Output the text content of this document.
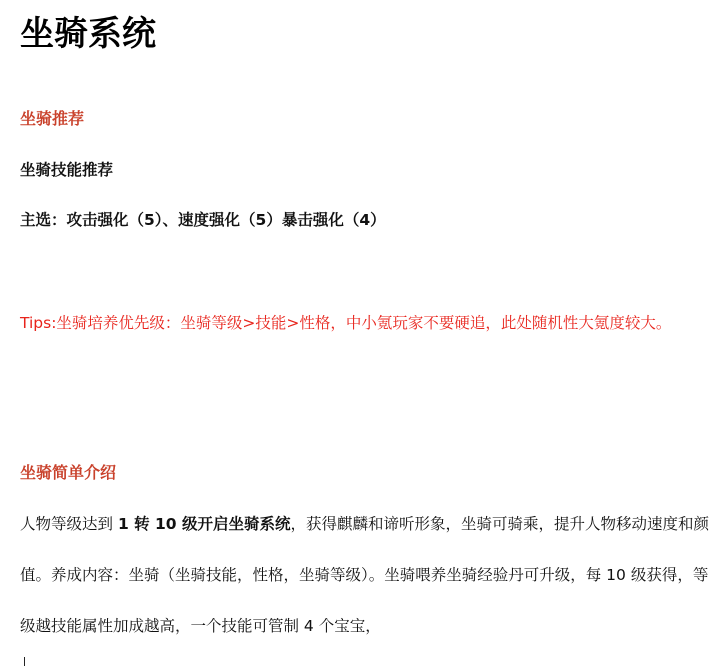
坐骑系统
坐骑推荐
坐骑技能推荐
主选：攻击强化（5）、速度强化（5）暴击强化（4）
Tips:坐骑培养优先级：坐骑等级>技能>性格，中小氪玩家不要硬追，此处随机性大氪度较大。
坐骑简单介绍
人物等级达到 1 转 10 级开启坐骑系统，获得麒麟和谛听形象，坐骑可骑乘，提升人物移动速度和颜值。养成内容：坐骑（坐骑技能，性格，坐骑等级）。坐骑喂养坐骑经验丹可升级，每 10 级获得，等级越技能属性加成越高，一个技能可管制 4 个宝宝，
